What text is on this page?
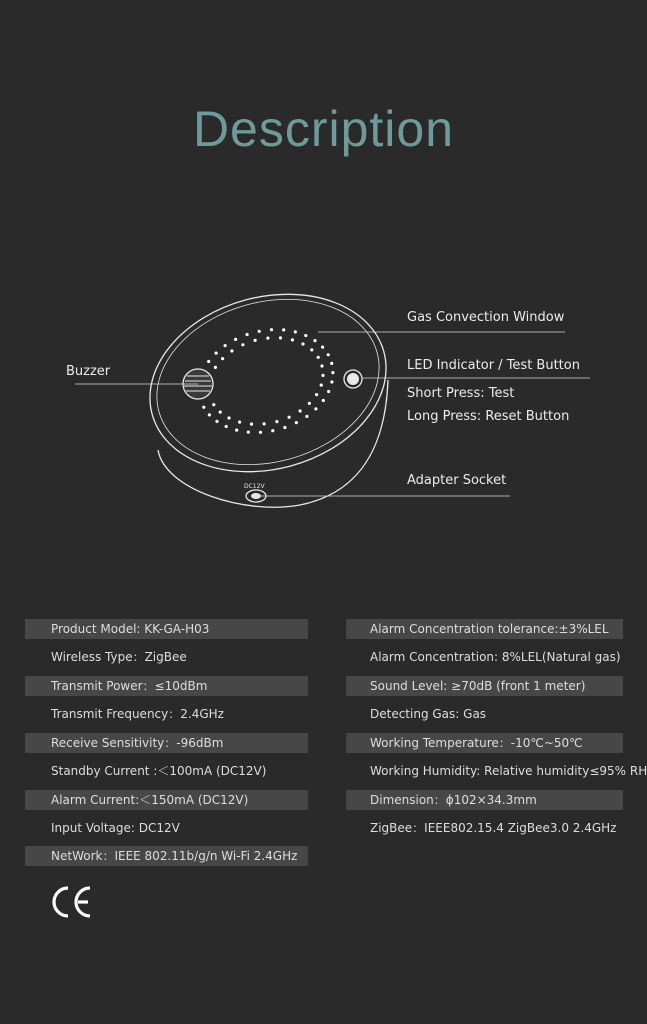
Description
DC12V
Gas Convection Window
Buzzer	LED Indicator / Test Button
Short Press: Test
Long Press: Reset Button
Adapter Socket
Product Model: KK-GA-H03
Wireless Type：ZigBee
Transmit Power：≤10dBm
Transmit Frequency：2.4GHz
Receive Sensitivity：-96dBm
Standby Current :＜100mA (DC12V)
Alarm Current:＜150mA (DC12V)
Input Voltage: DC12V
NetWork：IEEE 802.11b/g/n Wi-Fi 2.4GHz
Alarm Concentration tolerance:±3%LEL
Alarm Concentration: 8%LEL(Natural gas)
Sound Level: ≥70dB (front 1 meter)
Detecting Gas: Gas
Working Temperature：-10℃~50℃
Working Humidity: Relative humidity≤95% RH
Dimension：ϕ102×34.3mm
ZigBee：IEEE802.15.4 ZigBee3.0 2.4GHz
